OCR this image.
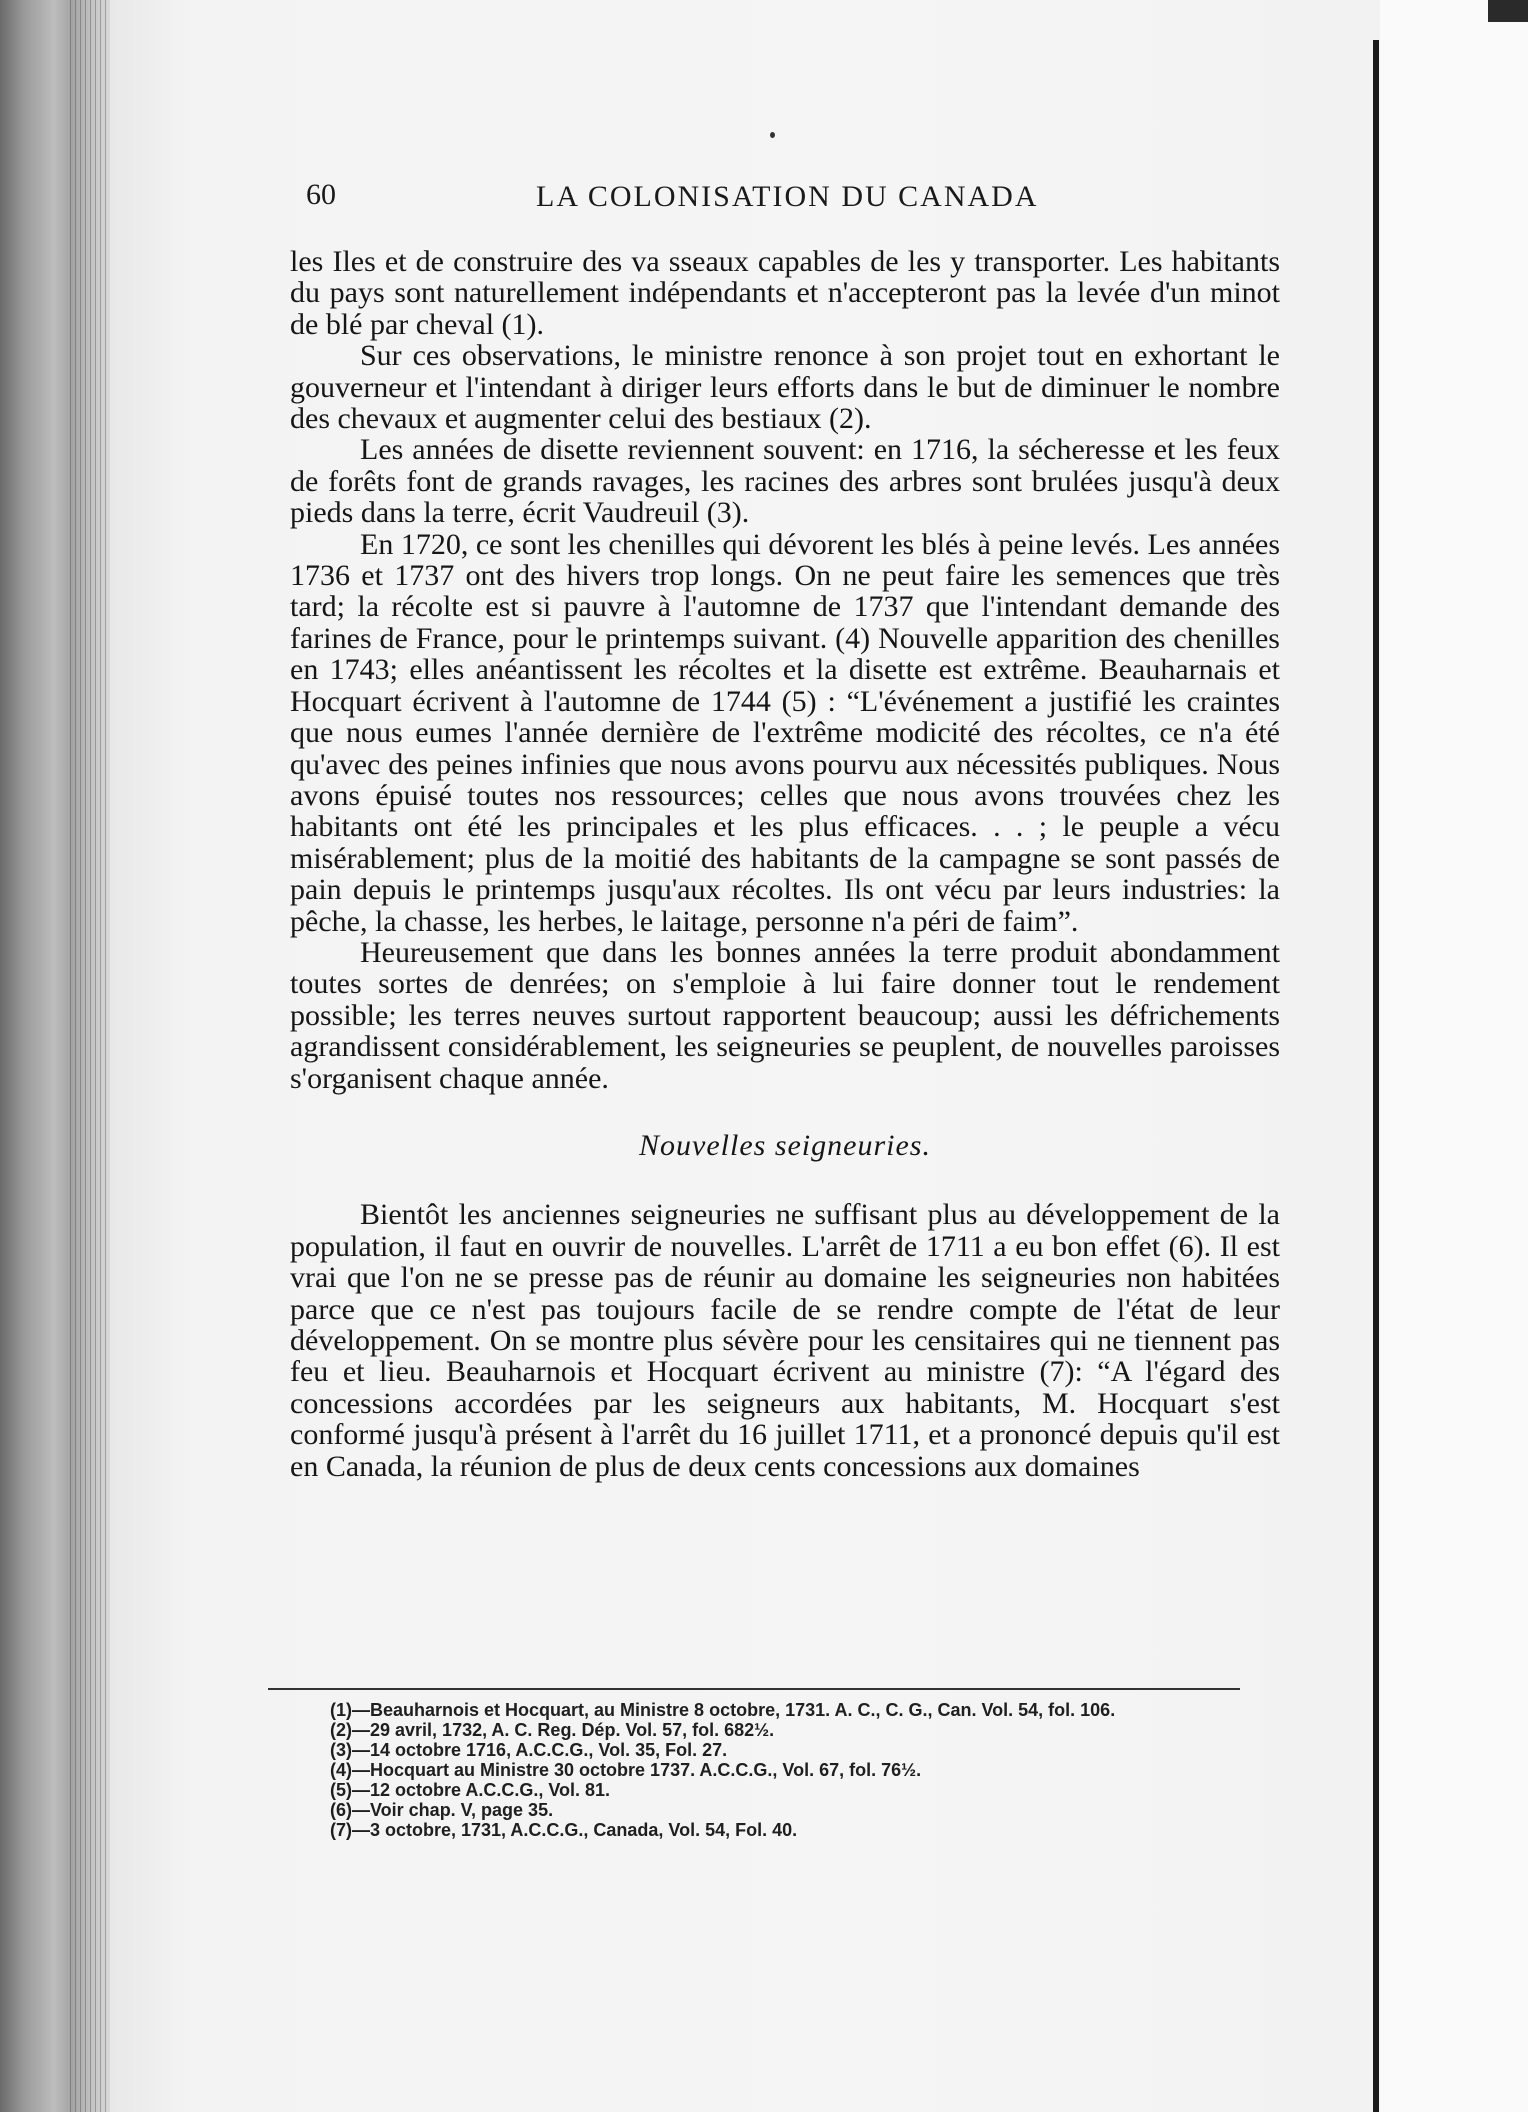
60	LA COLONISATION DU CANADA

les Iles et de construire des va sseaux capables de les y transporter. Les habitants du pays sont naturellement indépendants et n'accepteront pas la levée d'un minot de blé par cheval (1).

Sur ces observations, le ministre renonce à son projet tout en exhortant le gouverneur et l'intendant à diriger leurs efforts dans le but de diminuer le nombre des chevaux et augmenter celui des bestiaux (2).

Les années de disette reviennent souvent: en 1716, la sécheresse et les feux de forêts font de grands ravages, les racines des arbres sont brulées jusqu'à deux pieds dans la terre, écrit Vaudreuil (3).

En 1720, ce sont les chenilles qui dévorent les blés à peine levés. Les années 1736 et 1737 ont des hivers trop longs. On ne peut faire les semences que très tard; la récolte est si pauvre à l'automne de 1737 que l'intendant demande des farines de France, pour le printemps suivant. (4) Nouvelle apparition des chenilles en 1743; elles anéantissent les récoltes et la disette est extrême. Beauharnais et Hocquart écrivent à l'automne de 1744 (5) : “L'événement a justifié les craintes que nous eumes l'année dernière de l'extrême modicité des récoltes, ce n'a été qu'avec des peines infinies que nous avons pourvu aux nécessités publiques. Nous avons épuisé toutes nos ressources; celles que nous avons trouvées chez les habitants ont été les principales et les plus efficaces. . . ; le peuple a vécu misérablement; plus de la moitié des habitants de la campagne se sont passés de pain depuis le printemps jusqu'aux récoltes. Ils ont vécu par leurs industries: la pêche, la chasse, les herbes, le laitage, personne n'a péri de faim”.

Heureusement que dans les bonnes années la terre produit abondamment toutes sortes de denrées; on s'emploie à lui faire donner tout le rendement possible; les terres neuves surtout rapportent beaucoup; aussi les défrichements agrandissent considérablement, les seigneuries se peuplent, de nouvelles paroisses s'organisent chaque année.

Nouvelles seigneuries.

Bientôt les anciennes seigneuries ne suffisant plus au développement de la population, il faut en ouvrir de nouvelles. L'arrêt de 1711 a eu bon effet (6). Il est vrai que l'on ne se presse pas de réunir au domaine les seigneuries non habitées parce que ce n'est pas toujours facile de se rendre compte de l'état de leur développement. On se montre plus sévère pour les censitaires qui ne tiennent pas feu et lieu. Beauharnois et Hocquart écrivent au ministre (7): “A l'égard des concessions accordées par les seigneurs aux habitants, M. Hocquart s'est conformé jusqu'à présent à l'arrêt du 16 juillet 1711, et a prononcé depuis qu'il est en Canada, la réunion de plus de deux cents concessions aux domaines

(1)—Beauharnois et Hocquart, au Ministre 8 octobre, 1731. A. C., C. G., Can. Vol. 54, fol. 106.
(2)—29 avril, 1732, A. C. Reg. Dép. Vol. 57, fol. 682½.
(3)—14 octobre 1716, A.C.C.G., Vol. 35, Fol. 27.
(4)—Hocquart au Ministre 30 octobre 1737. A.C.C.G., Vol. 67, fol. 76½.
(5)—12 octobre A.C.C.G., Vol. 81.
(6)—Voir chap. V, page 35.
(7)—3 octobre, 1731, A.C.C.G., Canada, Vol. 54, Fol. 40.
